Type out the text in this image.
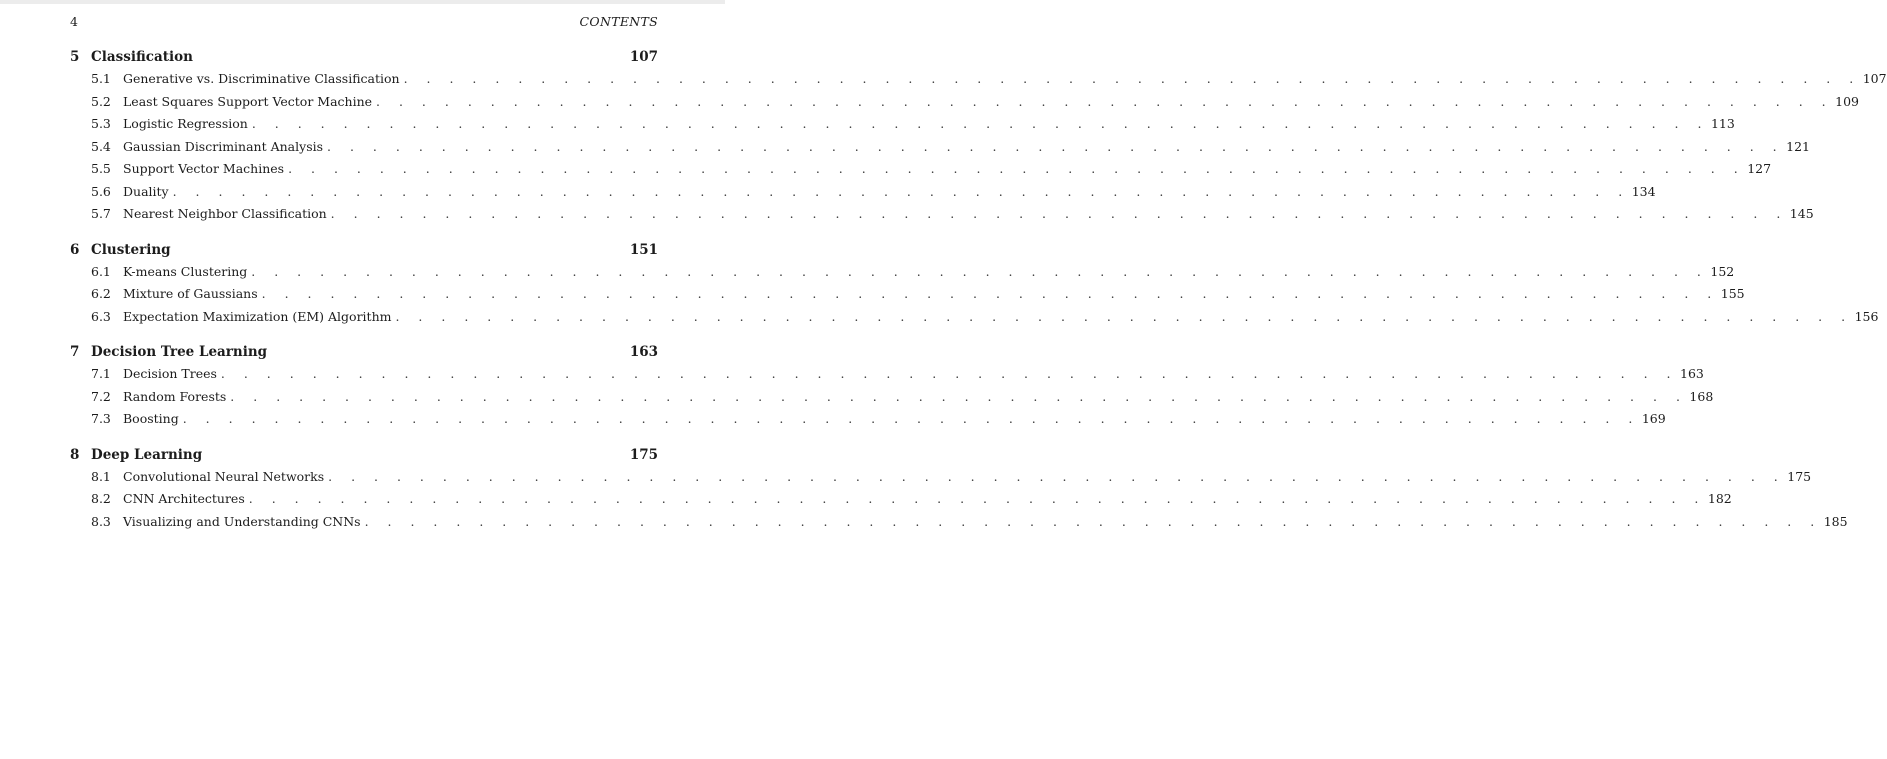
4	CONTENTS
5 Classification	107
5.1 Generative vs. Discriminative Classification . . . . . . . . . . . . . . . . . . . . . . . . . . . . . . . . . . . . . . . . . . . . . . . . . . . . . . . . . . . . . . . . 107
5.2 Least Squares Support Vector Machine . . . . . . . . . . . . . . . . . . . . . . . . . . . . . . . . . . . . . . . . . . . . . . . . . . . . . . . . . . . . . . . . 109
5.3 Logistic Regression . . . . . . . . . . . . . . . . . . . . . . . . . . . . . . . . . . . . . . . . . . . . . . . . . . . . . . . . . . . . . . . . 113
5.4 Gaussian Discriminant Analysis . . . . . . . . . . . . . . . . . . . . . . . . . . . . . . . . . . . . . . . . . . . . . . . . . . . . . . . . . . . . . . . . 121
5.5 Support Vector Machines . . . . . . . . . . . . . . . . . . . . . . . . . . . . . . . . . . . . . . . . . . . . . . . . . . . . . . . . . . . . . . . . 127
5.6 Duality . . . . . . . . . . . . . . . . . . . . . . . . . . . . . . . . . . . . . . . . . . . . . . . . . . . . . . . . . . . . . . . . 134
5.7 Nearest Neighbor Classification . . . . . . . . . . . . . . . . . . . . . . . . . . . . . . . . . . . . . . . . . . . . . . . . . . . . . . . . . . . . . . . . 145
6 Clustering	151
6.1 K-means Clustering . . . . . . . . . . . . . . . . . . . . . . . . . . . . . . . . . . . . . . . . . . . . . . . . . . . . . . . . . . . . . . . . 152
6.2 Mixture of Gaussians . . . . . . . . . . . . . . . . . . . . . . . . . . . . . . . . . . . . . . . . . . . . . . . . . . . . . . . . . . . . . . . . 155
6.3 Expectation Maximization (EM) Algorithm . . . . . . . . . . . . . . . . . . . . . . . . . . . . . . . . . . . . . . . . . . . . . . . . . . . . . . . . . . . . . . . . 156
7 Decision Tree Learning	163
7.1 Decision Trees . . . . . . . . . . . . . . . . . . . . . . . . . . . . . . . . . . . . . . . . . . . . . . . . . . . . . . . . . . . . . . . . 163
7.2 Random Forests . . . . . . . . . . . . . . . . . . . . . . . . . . . . . . . . . . . . . . . . . . . . . . . . . . . . . . . . . . . . . . . . 168
7.3 Boosting . . . . . . . . . . . . . . . . . . . . . . . . . . . . . . . . . . . . . . . . . . . . . . . . . . . . . . . . . . . . . . . . 169
8 Deep Learning	175
8.1 Convolutional Neural Networks . . . . . . . . . . . . . . . . . . . . . . . . . . . . . . . . . . . . . . . . . . . . . . . . . . . . . . . . . . . . . . . . 175
8.2 CNN Architectures . . . . . . . . . . . . . . . . . . . . . . . . . . . . . . . . . . . . . . . . . . . . . . . . . . . . . . . . . . . . . . . . 182
8.3 Visualizing and Understanding CNNs . . . . . . . . . . . . . . . . . . . . . . . . . . . . . . . . . . . . . . . . . . . . . . . . . . . . . . . . . . . . . . . . 185
